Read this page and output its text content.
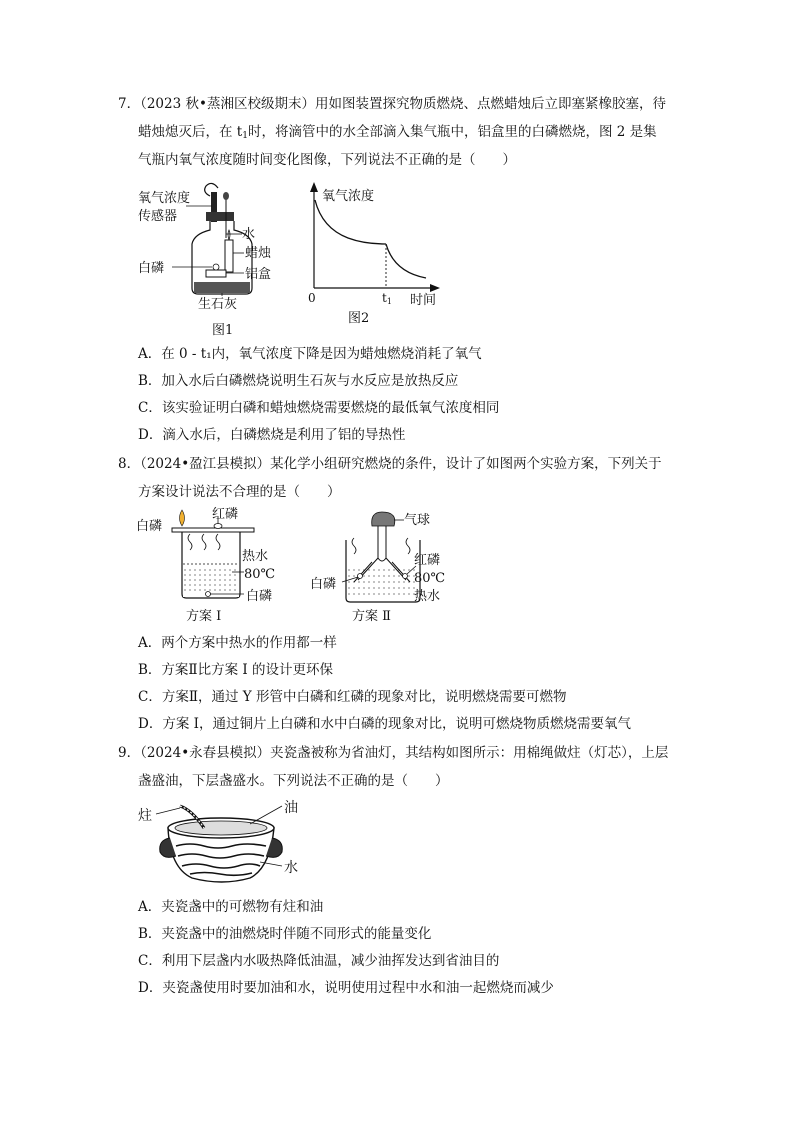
7．（2023 秋•蒸湘区校级期末）用如图装置探究物质燃烧、点燃蜡烛后立即塞紧橡胶塞，待
蜡烛熄灭后，在 $t_1$时，将滴管中的水全部滴入集气瓶中，铝盒里的白磷燃烧，图 2 是集
气瓶内氧气浓度随时间变化图像，下列说法不正确的是（　　）
氧气浓度
传感器
水
蜡烛
白磷	铝盒
生石灰
图1
氧气浓度
0	t1 时间
图2
A．在 0 - t₁内，氧气浓度下降是因为蜡烛燃烧消耗了氧气
B．加入水后白磷燃烧说明生石灰与水反应是放热反应
C．该实验证明白磷和蜡烛燃烧需要燃烧的最低氧气浓度相同
D．滴入水后，白磷燃烧是利用了铝的导热性
8．（2024•盈江县模拟）某化学小组研究燃烧的条件，设计了如图两个实验方案，下列关于
方案设计说法不合理的是（　　）
白磷
红磷
热水
80℃
白磷
方案 I
气球
红磷
80℃
热水
白磷
方案 Ⅱ
A．两个方案中热水的作用都一样
B．方案Ⅱ比方案 I 的设计更环保
C．方案Ⅱ，通过 Y 形管中白磷和红磷的现象对比，说明燃烧需要可燃物
D．方案 I，通过铜片上白磷和水中白磷的现象对比，说明可燃烧物质燃烧需要氧气
9．（2024•永春县模拟）夹瓷盏被称为省油灯，其结构如图所示：用棉绳做炷（灯芯），上层
盏盛油，下层盏盛水。下列说法不正确的是（　　）
炷	油
水
A．夹瓷盏中的可燃物有炷和油
B．夹瓷盏中的油燃烧时伴随不同形式的能量变化
C．利用下层盏内水吸热降低油温，减少油挥发达到省油目的
D．夹瓷盏使用时要加油和水，说明使用过程中水和油一起燃烧而减少
